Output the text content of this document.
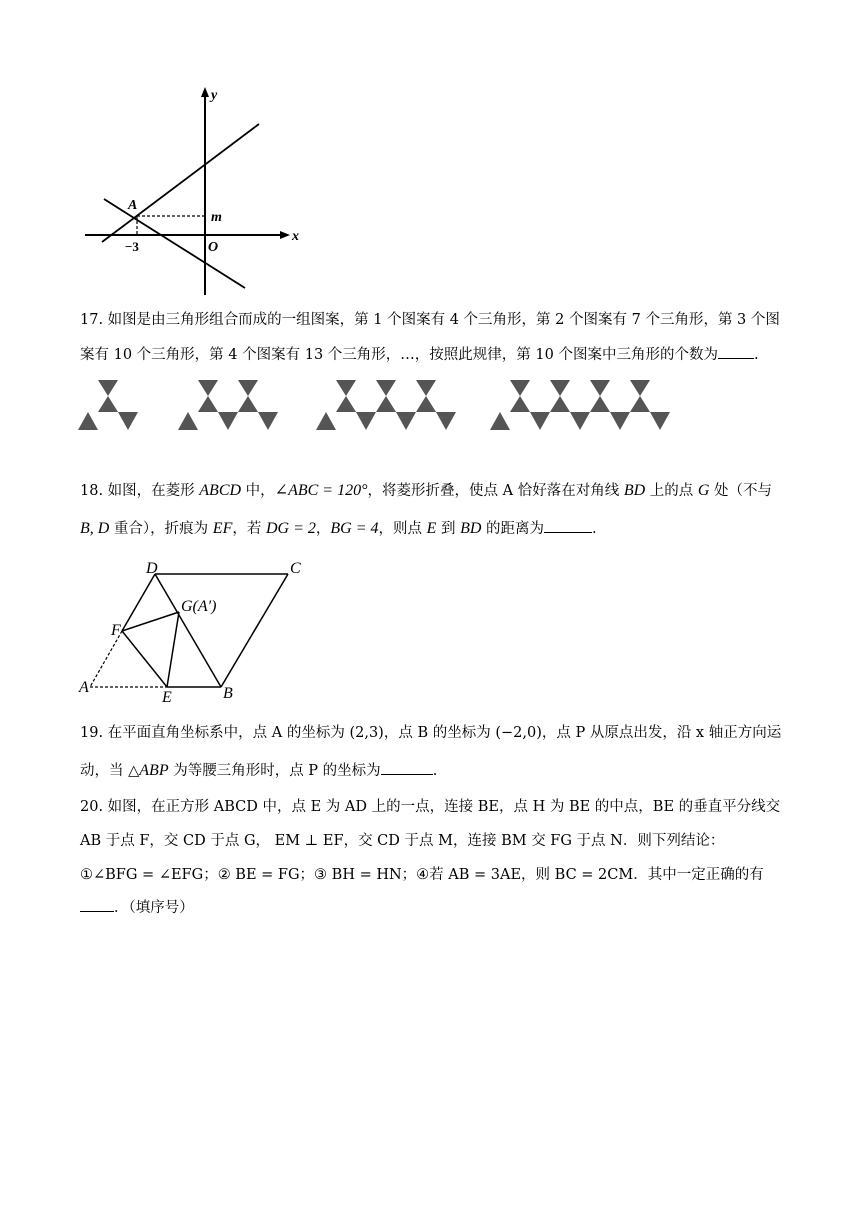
y
x
A
m
O
−3
17. 如图是由三角形组合而成的一组图案，第 1 个图案有 4 个三角形，第 2 个图案有 7 个三角形，第 3 个图
案有 10 个三角形，第 4 个图案有 13 个三角形，…，按照此规律，第 10 个图案中三角形的个数为 .
18. 如图，在菱形 ABCD 中，∠ABC = 120°，将菱形折叠，使点 A 恰好落在对角线 BD 上的点 G 处（不与
B, D 重合），折痕为 EF，若 DG = 2，BG = 4，则点 E 到 BD 的距离为	.
D	C
G(A′)
F
A
E	B
19. 在平面直角坐标系中，点 A 的坐标为 (2,3)，点 B 的坐标为 (−2,0)，点 P 从原点出发，沿 x 轴正方向运
动，当 △ABP 为等腰三角形时，点 P 的坐标为	.
20. 如图，在正方形 ABCD 中，点 E 为 AD 上的一点，连接 BE，点 H 为 BE 的中点，BE 的垂直平分线交
AB 于点 F，交 CD 于点 G， EM ⊥ EF，交 CD 于点 M，连接 BM 交 FG 于点 N．则下列结论：
①∠BFG = ∠EFG；② BE = FG；③ BH = HN；④若 AB = 3AE，则 BC = 2CM．其中一定正确的有
．（填序号）
